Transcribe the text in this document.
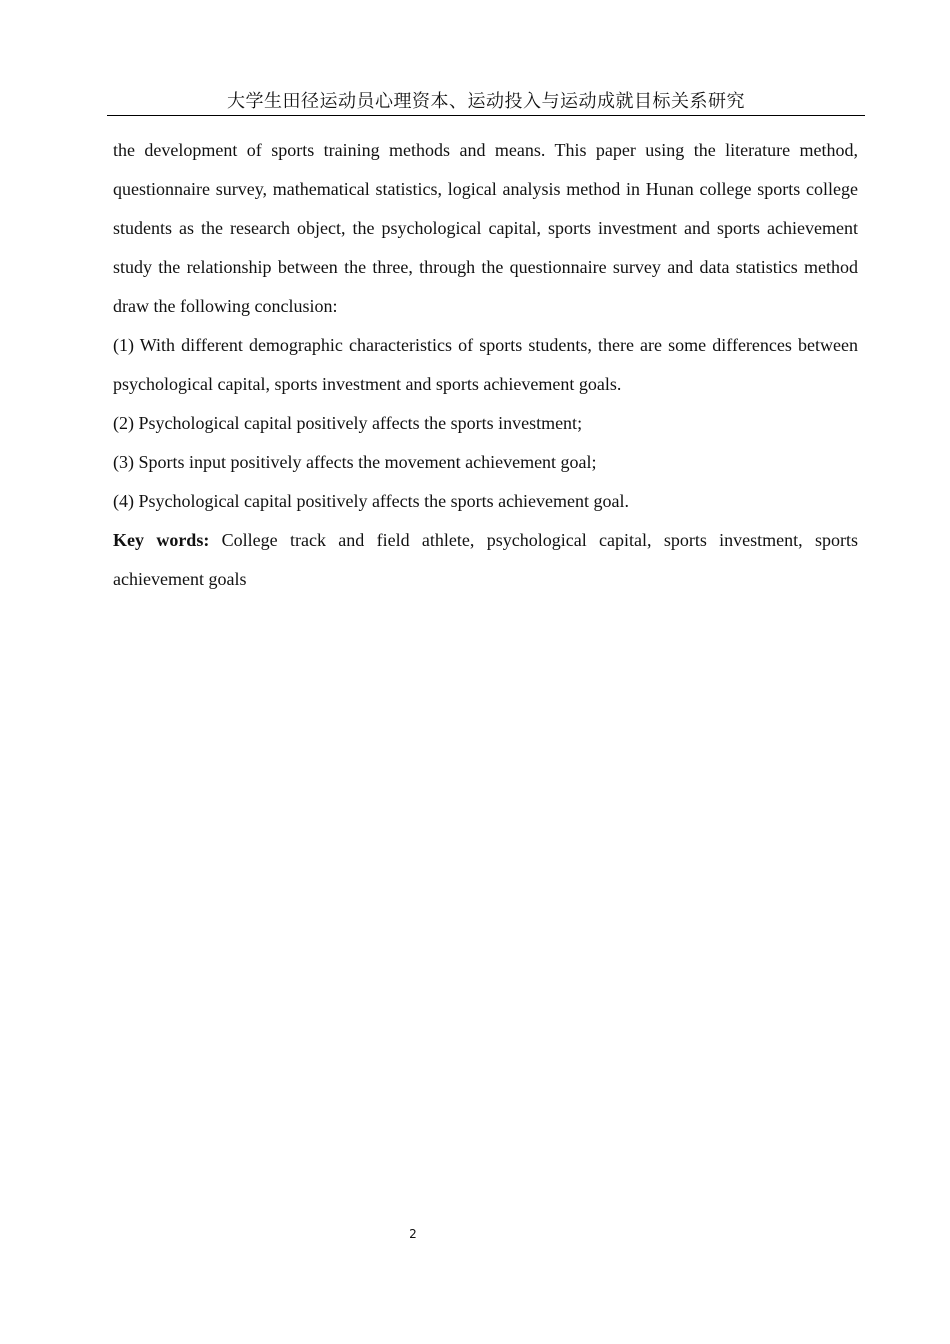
大学生田径运动员心理资本、运动投入与运动成就目标关系研究

the development of sports training methods and means. This paper using the literature method, questionnaire survey, mathematical statistics, logical analysis method in Hunan college sports college students as the research object, the psychological capital, sports investment and sports achievement study the relationship between the three, through the questionnaire survey and data statistics method draw the following conclusion:

(1) With different demographic characteristics of sports students, there are some differences between psychological capital, sports investment and sports achievement goals.

(2) Psychological capital positively affects the sports investment;

(3) Sports input positively affects the movement achievement goal;

(4) Psychological capital positively affects the sports achievement goal.

Key words: College track and field athlete, psychological capital, sports investment, sports achievement goals

2
